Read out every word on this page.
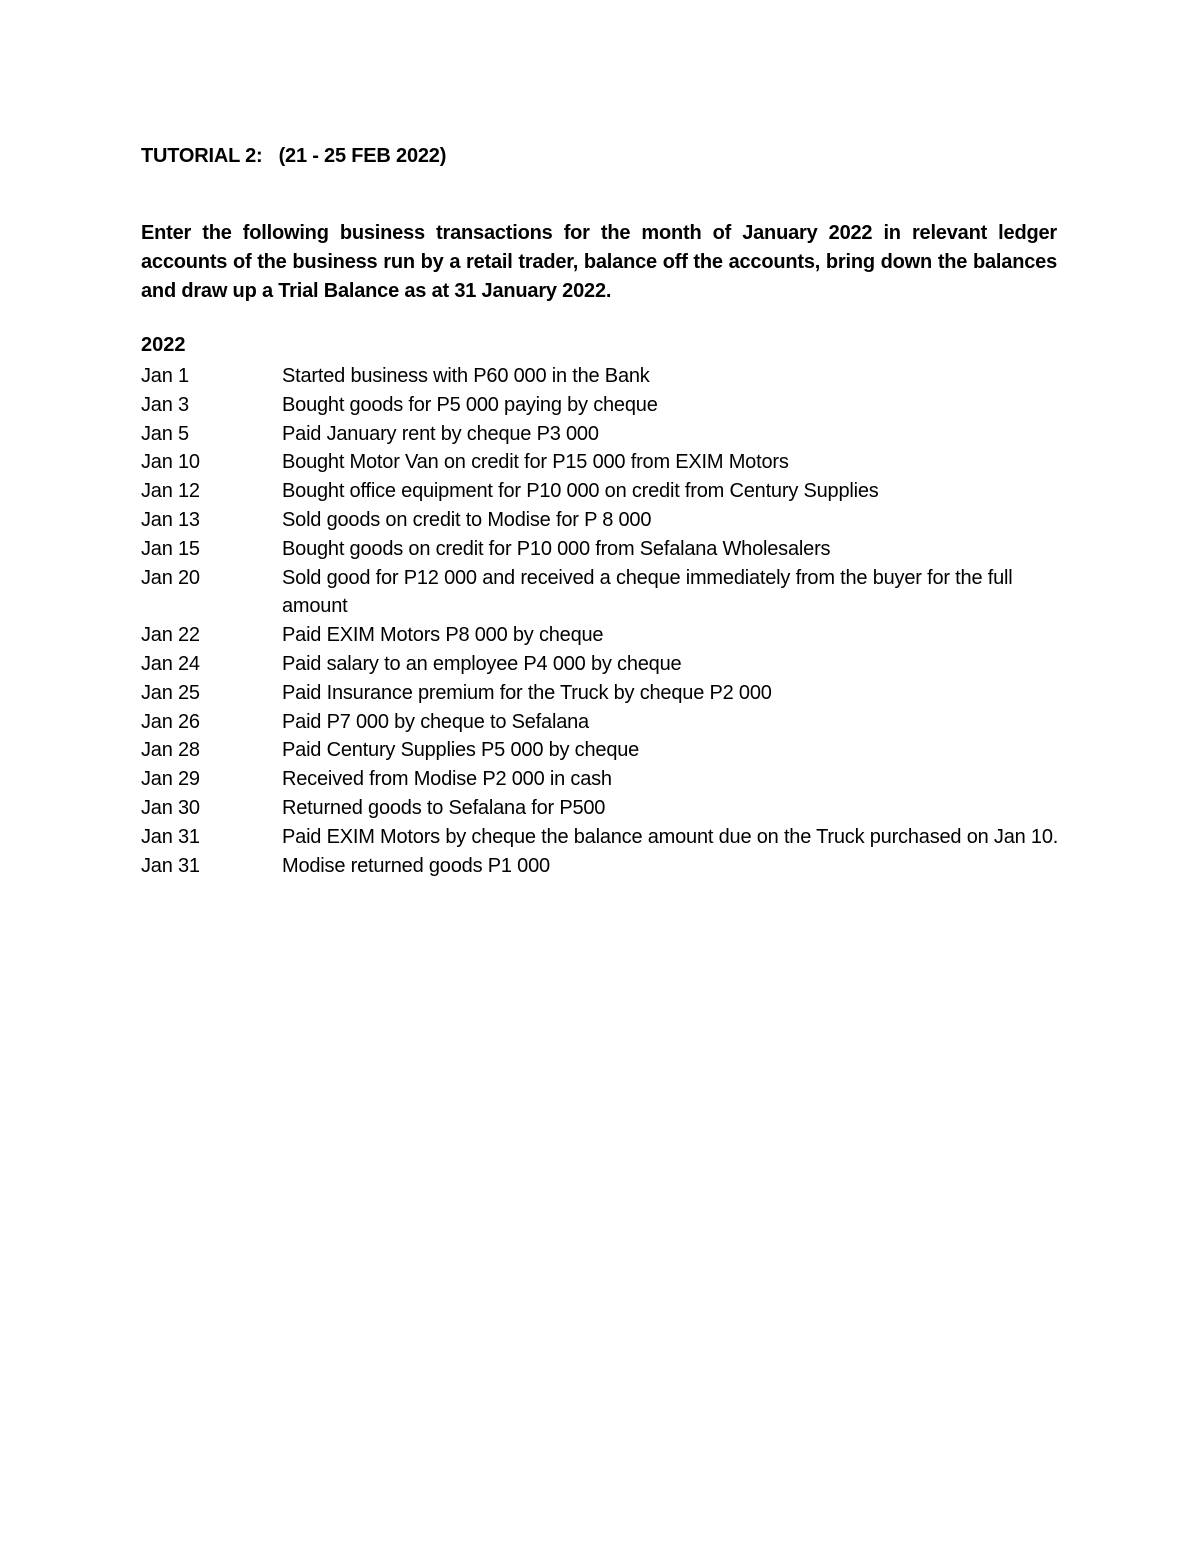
TUTORIAL 2:   (21 - 25 FEB 2022)
Enter the following business transactions for the month of January 2022 in relevant ledger accounts of the business run by a retail trader, balance off the accounts, bring down the balances and draw up a Trial Balance as at 31 January 2022.
2022
Jan 1	Started business with P60 000 in the Bank
Jan 3	Bought goods for P5 000 paying by cheque
Jan 5	Paid January rent by cheque P3 000
Jan 10	Bought Motor Van on credit for P15 000 from EXIM Motors
Jan 12	Bought office equipment for P10 000 on credit from Century Supplies
Jan 13	Sold goods on credit to Modise for P 8 000
Jan 15	Bought goods on credit for P10 000 from Sefalana Wholesalers
Jan 20	Sold good for P12 000 and received a cheque immediately from the buyer for the full amount
Jan 22	Paid EXIM Motors P8 000 by cheque
Jan 24	Paid salary to an employee P4 000 by cheque
Jan 25	Paid Insurance premium for the Truck by cheque P2 000
Jan 26	Paid P7 000 by cheque to Sefalana
Jan 28	Paid Century Supplies P5 000 by cheque
Jan 29	Received from Modise P2 000 in cash
Jan 30	Returned goods to Sefalana for P500
Jan 31	Paid EXIM Motors by cheque the balance amount due on the Truck purchased on Jan 10.
Jan 31	Modise returned goods P1 000
